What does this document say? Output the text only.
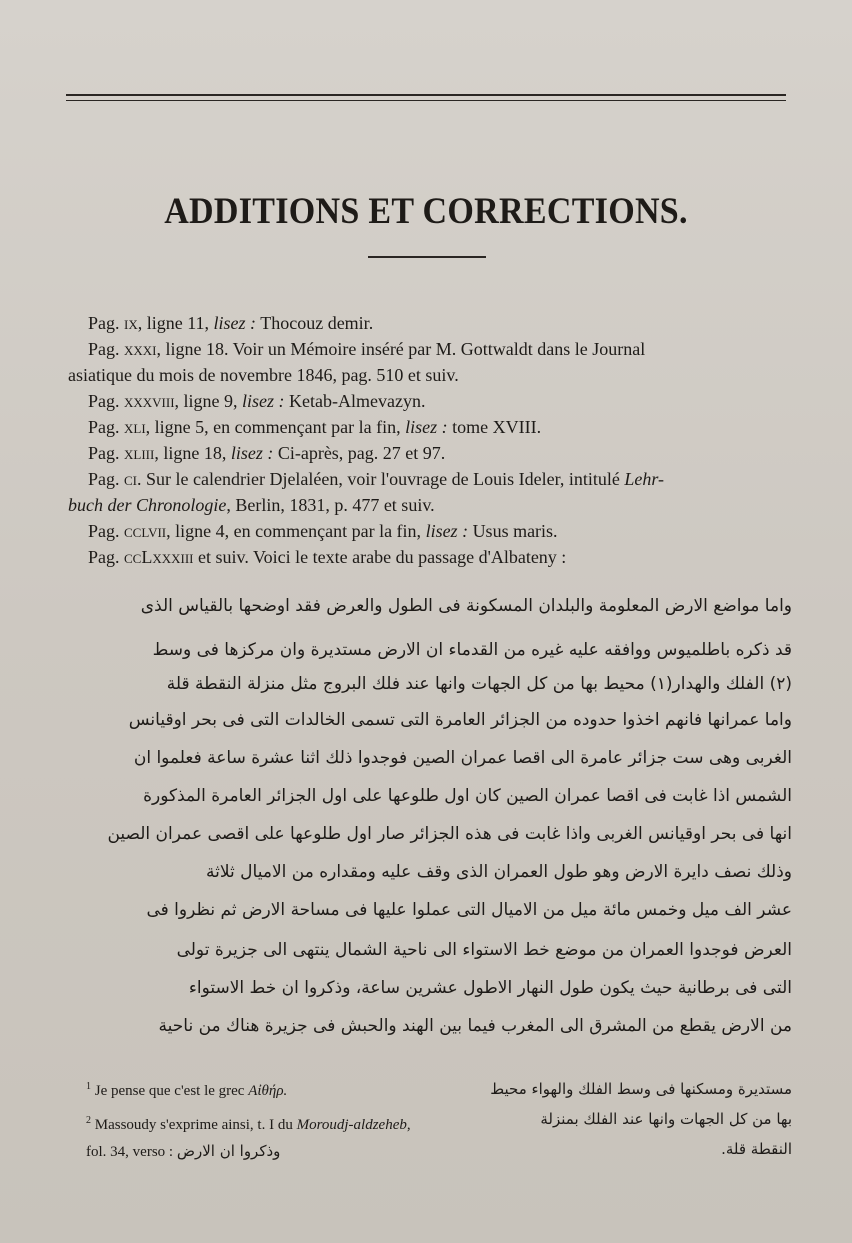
ADDITIONS ET CORRECTIONS.
Pag. ix, ligne 11, lisez : Thocouz demir.
Pag. xxxi, ligne 18. Voir un Mémoire inséré par M. Gottwaldt dans le Journal
asiatique du mois de novembre 1846, pag. 510 et suiv.
Pag. xxxviii, ligne 9, lisez : Ketab-Almevazyn.
Pag. xli, ligne 5, en commençant par la fin, lisez : tome XVIII.
Pag. xliii, ligne 18, lisez : Ci-après, pag. 27 et 97.
Pag. ci. Sur le calendrier Djelaléen, voir l'ouvrage de Louis Ideler, intitulé Lehr-
buch der Chronologie, Berlin, 1831, p. 477 et suiv.
Pag. cclvii, ligne 4, en commençant par la fin, lisez : Usus maris.
Pag. ccLxxxiii et suiv. Voici le texte arabe du passage d'Albateny :
واما مواضع الارض المعلومة والبلدان المسكونة فى الطول والعرض فقد اوضحها بالقياس الذى
قد ذكره باطلميوس ووافقه عليه غيره من القدماء ان الارض مستديرة وان مركزها فى وسط
(٢) الفلك والهدار(١) محيط بها من كل الجهات وانها عند فلك البروج مثل منزلة النقطة قلة
واما عمرانها فانهم اخذوا حدوده من الجزائر العامرة التى تسمى الخالدات التى فى بحر اوقيانس
الغربى وهى ست جزائر عامرة الى اقصا عمران الصين فوجدوا ذلك اثنا عشرة ساعة فعلموا ان
الشمس اذا غابت فى اقصا عمران الصين كان اول طلوعها على اول الجزائر العامرة المذكورة
انها فى بحر اوقيانس الغربى واذا غابت فى هذه الجزائر صار اول طلوعها على اقصى عمران الصين
وذلك نصف دايرة الارض وهو طول العمران الذى وقف عليه ومقداره من الاميال ثلاثة
عشر الف ميل وخمس مائة ميل من الاميال التى عملوا عليها فى مساحة الارض ثم نظروا فى
العرض فوجدوا العمران من موضع خط الاستواء الى ناحية الشمال ينتهى الى جزيرة تولى
التى فى برطانية حيث يكون طول النهار الاطول عشرين ساعة، وذكروا ان خط الاستواء
من الارض يقطع من المشرق الى المغرب فيما بين الهند والحبش فى جزيرة هناك من ناحية
$^1$ Je pense que c'est le grec Αἰθήρ.
$^2$ Massoudy s'exprime ainsi, t. I du Moroudj-aldzeheb, fol. 34, verso : وذكروا ان الارض
مستديرة ومسكنها فى وسط الفلك والهواء محيط
بها من كل الجهات وانها عند الفلك بمنزلة
النقطة قلة.
